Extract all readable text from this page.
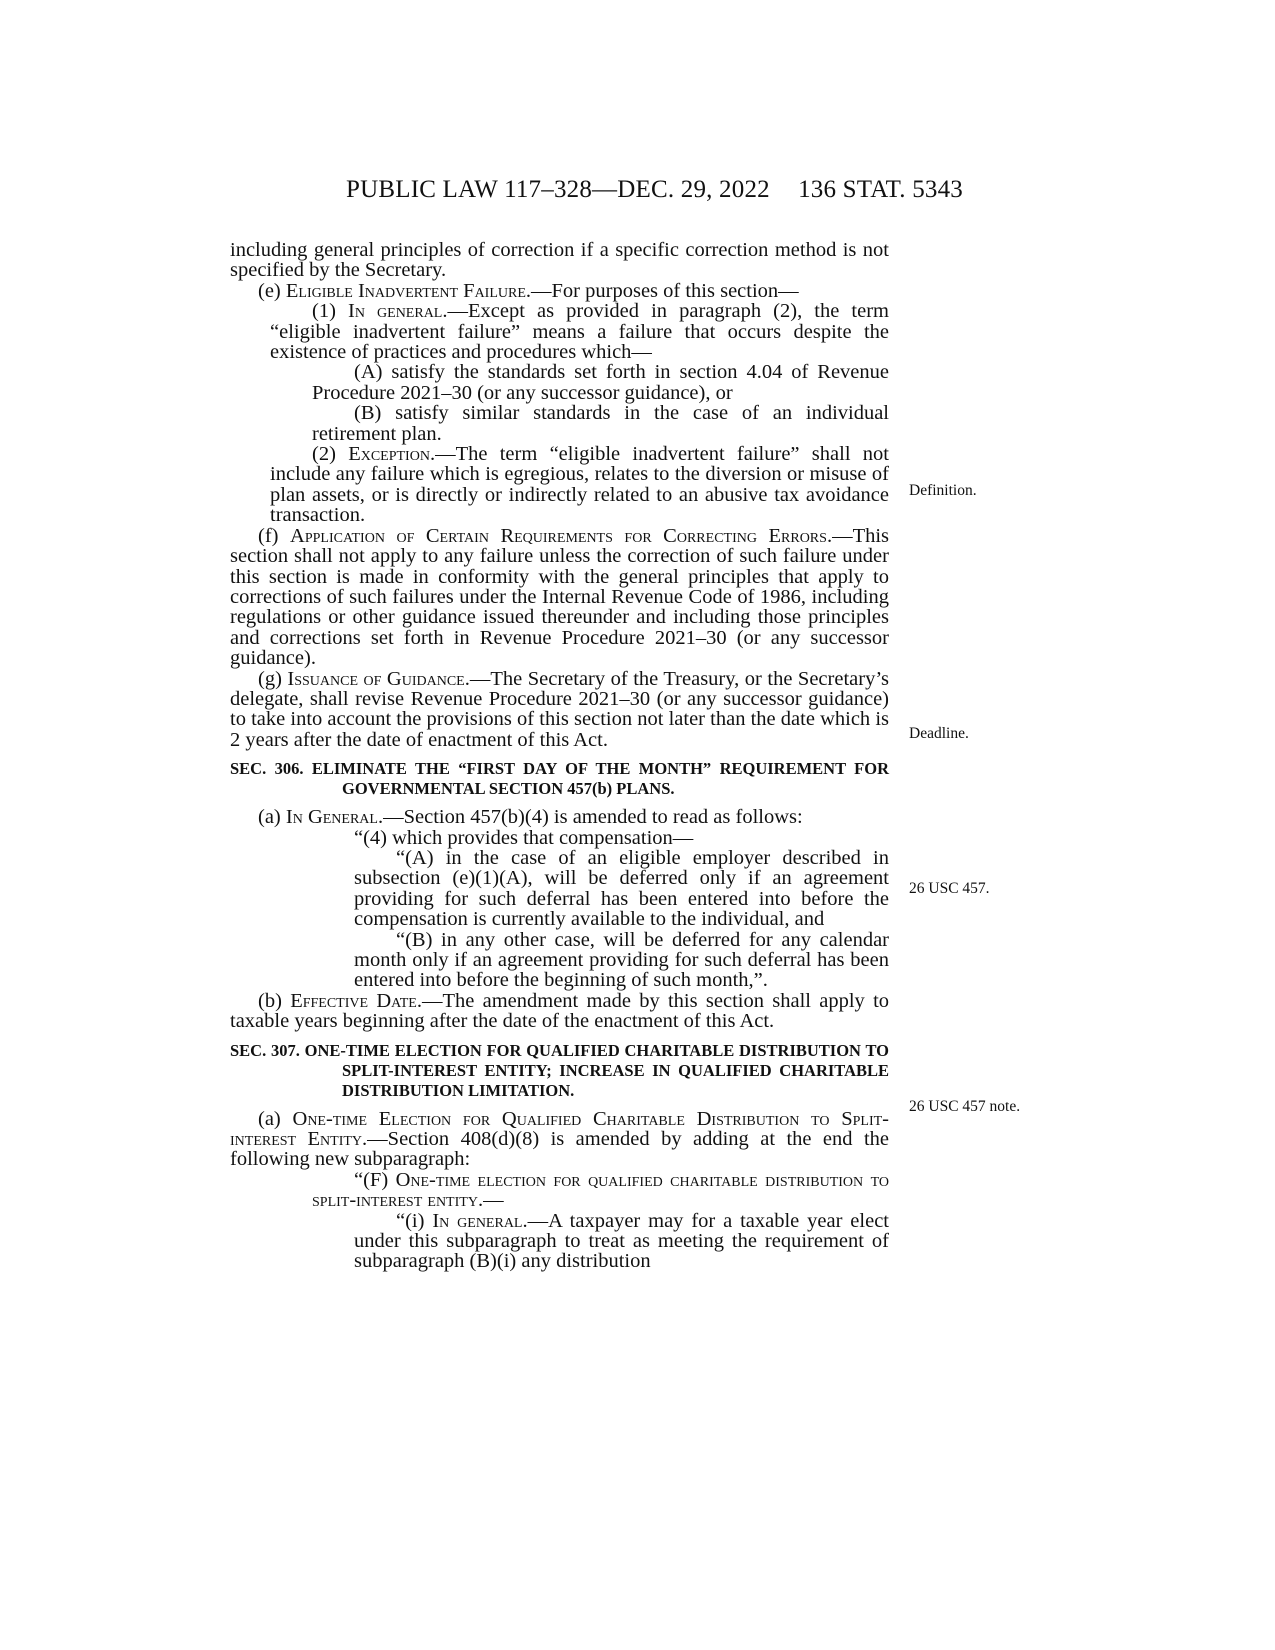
PUBLIC LAW 117–328—DEC. 29, 2022 136 STAT. 5343

including general principles of correction if a specific correction method is not specified by the Secretary.

(e) Eligible Inadvertent Failure.—For purposes of this section—

(1) In general.—Except as provided in paragraph (2), the term “eligible inadvertent failure” means a failure that occurs despite the existence of practices and procedures which—

(A) satisfy the standards set forth in section 4.04 of Revenue Procedure 2021–30 (or any successor guidance), or

(B) satisfy similar standards in the case of an individual retirement plan.

(2) Exception.—The term “eligible inadvertent failure” shall not include any failure which is egregious, relates to the diversion or misuse of plan assets, or is directly or indirectly related to an abusive tax avoidance transaction.

(f) Application of Certain Requirements for Correcting Errors.—This section shall not apply to any failure unless the correction of such failure under this section is made in conformity with the general principles that apply to corrections of such failures under the Internal Revenue Code of 1986, including regulations or other guidance issued thereunder and including those principles and corrections set forth in Revenue Procedure 2021–30 (or any successor guidance).

(g) Issuance of Guidance.—The Secretary of the Treasury, or the Secretary’s delegate, shall revise Revenue Procedure 2021–30 (or any successor guidance) to take into account the provisions of this section not later than the date which is 2 years after the date of enactment of this Act.

SEC. 306. ELIMINATE THE “FIRST DAY OF THE MONTH” REQUIREMENT FOR GOVERNMENTAL SECTION 457(b) PLANS.

(a) In General.—Section 457(b)(4) is amended to read as follows:

“(4) which provides that compensation—

“(A) in the case of an eligible employer described in subsection (e)(1)(A), will be deferred only if an agreement providing for such deferral has been entered into before the compensation is currently available to the individual, and

“(B) in any other case, will be deferred for any calendar month only if an agreement providing for such deferral has been entered into before the beginning of such month,”.

(b) Effective Date.—The amendment made by this section shall apply to taxable years beginning after the date of the enactment of this Act.

SEC. 307. ONE-TIME ELECTION FOR QUALIFIED CHARITABLE DISTRIBUTION TO SPLIT-INTEREST ENTITY; INCREASE IN QUALIFIED CHARITABLE DISTRIBUTION LIMITATION.

(a) One-time Election for Qualified Charitable Distribution to Split-interest Entity.—Section 408(d)(8) is amended by adding at the end the following new subparagraph:

“(F) One-time election for qualified charitable distribution to split-interest entity.—

“(i) In general.—A taxpayer may for a taxable year elect under this subparagraph to treat as meeting the requirement of subparagraph (B)(i) any distribution

Definition.
Deadline.
26 USC 457.
26 USC 457 note.
